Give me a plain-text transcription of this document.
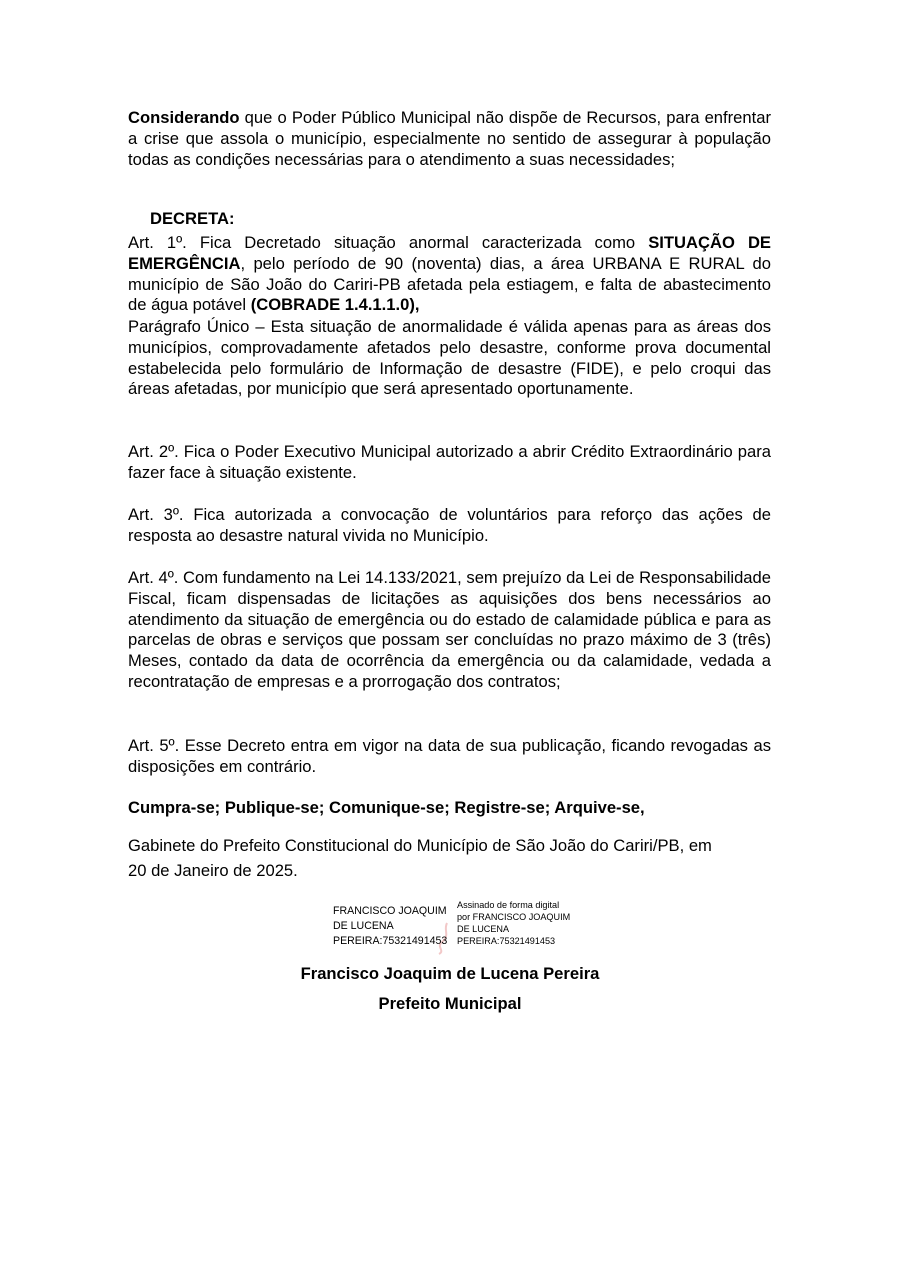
Considerando que o Poder Público Municipal não dispõe de Recursos, para enfrentar a crise que assola o município, especialmente no sentido de assegurar à população todas as condições necessárias para o atendimento a suas necessidades;

DECRETA:

Art. 1º. Fica Decretado situação anormal caracterizada como SITUAÇÃO DE EMERGÊNCIA, pelo período de 90 (noventa) dias, a área URBANA E RURAL do município de São João do Cariri-PB afetada pela estiagem, e falta de abastecimento de água potável (COBRADE 1.4.1.1.0),

Parágrafo Único – Esta situação de anormalidade é válida apenas para as áreas dos municípios, comprovadamente afetados pelo desastre, conforme prova documental estabelecida pelo formulário de Informação de desastre (FIDE), e pelo croqui das áreas afetadas, por município que será apresentado oportunamente.

Art. 2º. Fica o Poder Executivo Municipal autorizado a abrir Crédito Extraordinário para fazer face à situação existente.

Art. 3º. Fica autorizada a convocação de voluntários para reforço das ações de resposta ao desastre natural vivida no Município.

Art. 4º. Com fundamento na Lei 14.133/2021, sem prejuízo da Lei de Responsabilidade Fiscal, ficam dispensadas de licitações as aquisições dos bens necessários ao atendimento da situação de emergência ou do estado de calamidade pública e para as parcelas de obras e serviços que possam ser concluídas no prazo máximo de 3 (três) Meses, contado da data de ocorrência da emergência ou da calamidade, vedada a recontratação de empresas e a prorrogação dos contratos;

Art. 5º. Esse Decreto entra em vigor na data de sua publicação, ficando revogadas as disposições em contrário.

Cumpra-se; Publique-se; Comunique-se; Registre-se; Arquive-se,

Gabinete do Prefeito Constitucional do Município de São João do Cariri/PB, em

20 de Janeiro de 2025.

FRANCISCO JOAQUIM
DE LUCENA
PEREIRA:75321491453
Assinado de forma digital
por FRANCISCO JOAQUIM
DE LUCENA
PEREIRA:75321491453
Francisco Joaquim de Lucena Pereira
Prefeito Municipal
